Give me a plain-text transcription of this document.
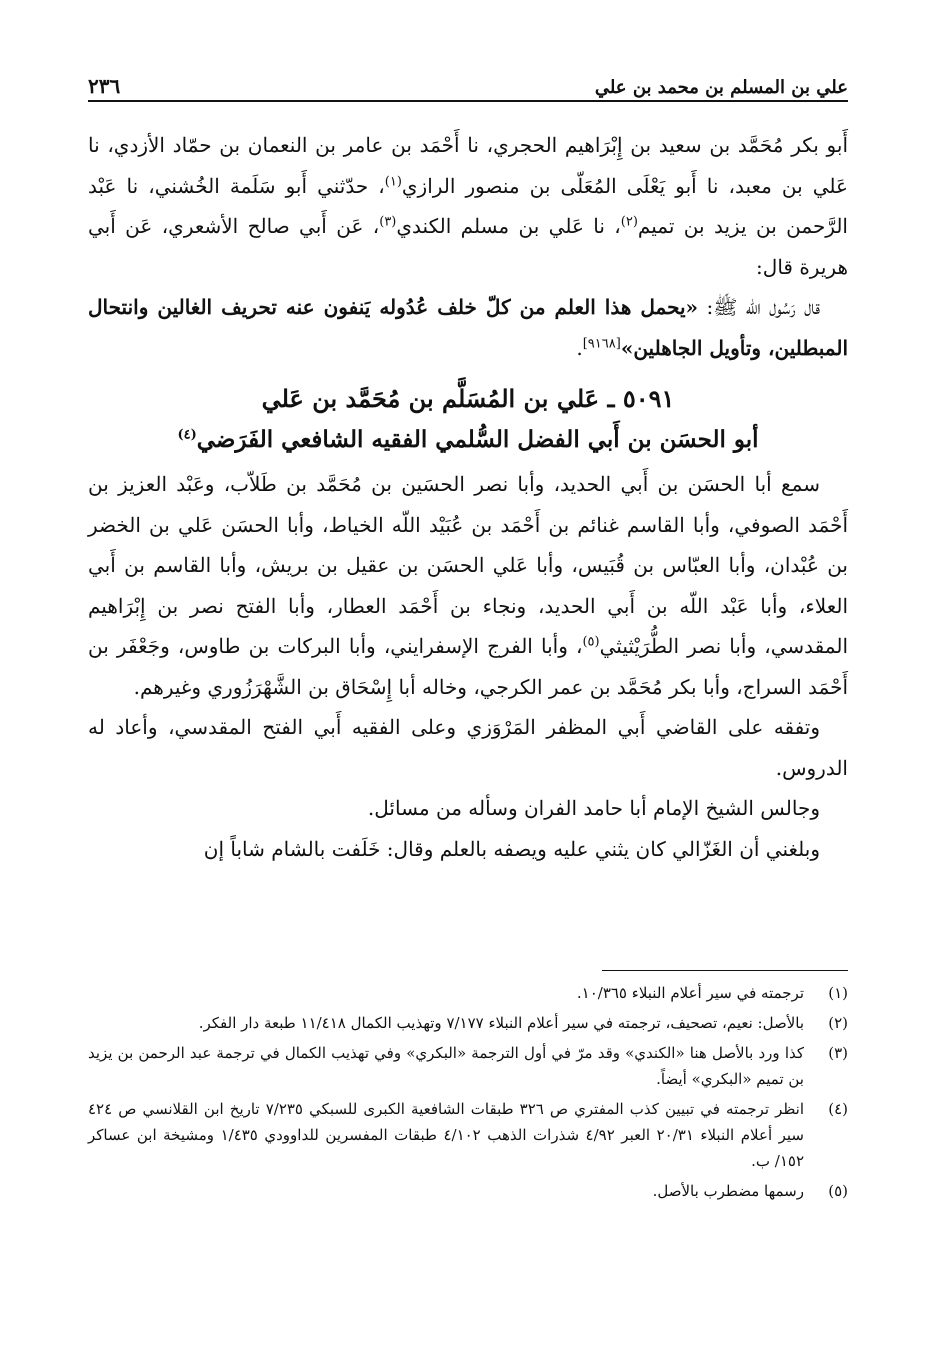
علي بن المسلم بن محمد بن علي
٢٣٦

أَبو بكر مُحَمَّد بن سعيد بن إِبْرَاهيم الحجري، نا أَحْمَد بن عامر بن النعمان بن حمّاد الأزدي، نا عَلي بن معبد، نا أَبو يَعْلَى المُعَلّى بن منصور الرازي$^{(١)}$، حدّثني أَبو سَلَمة الخُشني، نا عَبْد الرَّحمن بن يزيد بن تميم$^{(٢)}$، نا عَلي بن مسلم الكندي$^{(٣)}$، عَن أَبي صالح الأشعري، عَن أَبي هريرة قال:

قال رَسُول الله ﷺ: «يحمل هذا العلم من كلّ خلف عُدُوله يَنفون عنه تحريف الغالين وانتحال المبطلين، وتأويل الجاهلين»[٩١٦٨].

٥٠٩١ ـ عَلي بن المُسَلَّم بن مُحَمَّد بن عَلي
أبو الحسَن بن أَبي الفضل السُّلمي الفقيه الشافعي الفَرَضي$^{(٤)}$

سمع أبا الحسَن بن أَبي الحديد، وأبا نصر الحسَين بن مُحَمَّد بن طَلاّب، وعَبْد العزيز بن أَحْمَد الصوفي، وأبا القاسم غنائم بن أَحْمَد بن عُبَيْد اللّه الخياط، وأبا الحسَن عَلي بن الخضر بن عُبْدان، وأبا العبّاس بن قُبَيس، وأبا عَلي الحسَن بن عقيل بن بريش، وأبا القاسم بن أَبي العلاء، وأبا عَبْد اللّه بن أَبي الحديد، ونجاء بن أَحْمَد العطار، وأبا الفتح نصر بن إِبْرَاهيم المقدسي، وأبا نصر الطُّرَيْثيثي$^{(٥)}$، وأبا الفرج الإسفرايني، وأبا البركات بن طاوس، وجَعْفَر بن أَحْمَد السراج، وأبا بكر مُحَمَّد بن عمر الكرجي، وخاله أبا إِسْحَاق بن الشَّهْرَزُوري وغيرهم.

وتفقه على القاضي أَبي المظفر المَرْوَزي وعلى الفقيه أَبي الفتح المقدسي، وأعاد له الدروس.

وجالس الشيخ الإمام أبا حامد الفران وسأله من مسائل.

وبلغني أن الغَزّالي كان يثني عليه ويصفه بالعلم وقال: خَلَفت بالشام شاباً إن

(١)
ترجمته في سير أعلام النبلاء ١٠/٣٦٥.
(٢)
بالأصل: نعيم، تصحيف، ترجمته في سير أعلام النبلاء ٧/١٧٧ وتهذيب الكمال ١١/٤١٨ طبعة دار الفكر.
(٣)
كذا ورد بالأصل هنا «الكندي» وقد مرّ في أول الترجمة «البكري» وفي تهذيب الكمال في ترجمة عبد الرحمن بن يزيد بن تميم «البكري» أيضاً.
(٤)
انظر ترجمته في تبيين كذب المفتري ص ٣٢٦ طبقات الشافعية الكبرى للسبكي ٧/٢٣٥ تاريخ ابن القلانسي ص ٤٢٤ سير أعلام النبلاء ٢٠/٣١ العبر ٤/٩٢ شذرات الذهب ٤/١٠٢ طبقات المفسرين للداوودي ١/٤٣٥ ومشيخة ابن عساكر ١٥٢/ ب.
(٥)
رسمها مضطرب بالأصل.
